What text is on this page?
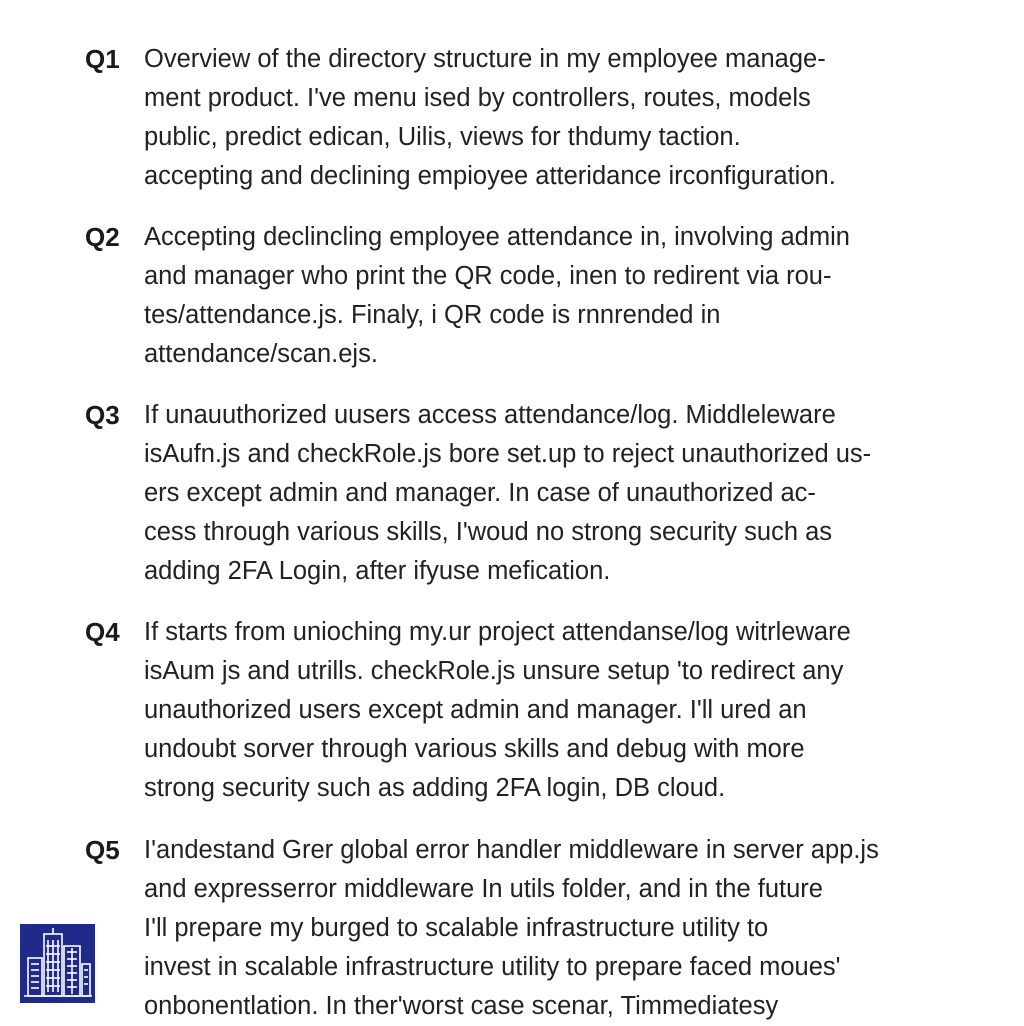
Q1 Overview of the directory structure in my employee manage-
ment product. I've menu ised by controllers, routes, models
public, predict edican, Uilis, views for thdumy taction.
accepting and declining empioyee atteridance irconfiguration.
Q2 Accepting declincling employee attendance in, involving admin
and manager who print the QR code, inen to redirent via rou-
tes/attendance.js. Finaly, i QR code is rnnrended in
attendance/scan.ejs.
Q3 If unauuthorized uusers access attendance/log. Middleleware
isAufn.js and checkRole.js bore set.up to reject unauthorized us-
ers except admin and manager. In case of unauthorized ac-
cess through various skills, I'woud no strong security such as
adding 2FA Login, after ifyuse mefication.
Q4 If starts from unioching my.ur project attendanse/log witrleware
isAum js and utrills. checkRole.js unsure setup 'to redirect any
unauthorized users except admin and manager. I'll ured an
undoubt sorver through various skills and debug with more
strong security such as adding 2FA login, DB cloud.
Q5 I'andestand Grer global error handler middleware in server app.js
and expresserror middleware In utils folder, and in the future
I'll prepare my burged to scalable infrastructure utility to
invest in scalable infrastructure utility to prepare faced moues'
onbonentlation. In ther'worst case scenar, Timmediatesy
